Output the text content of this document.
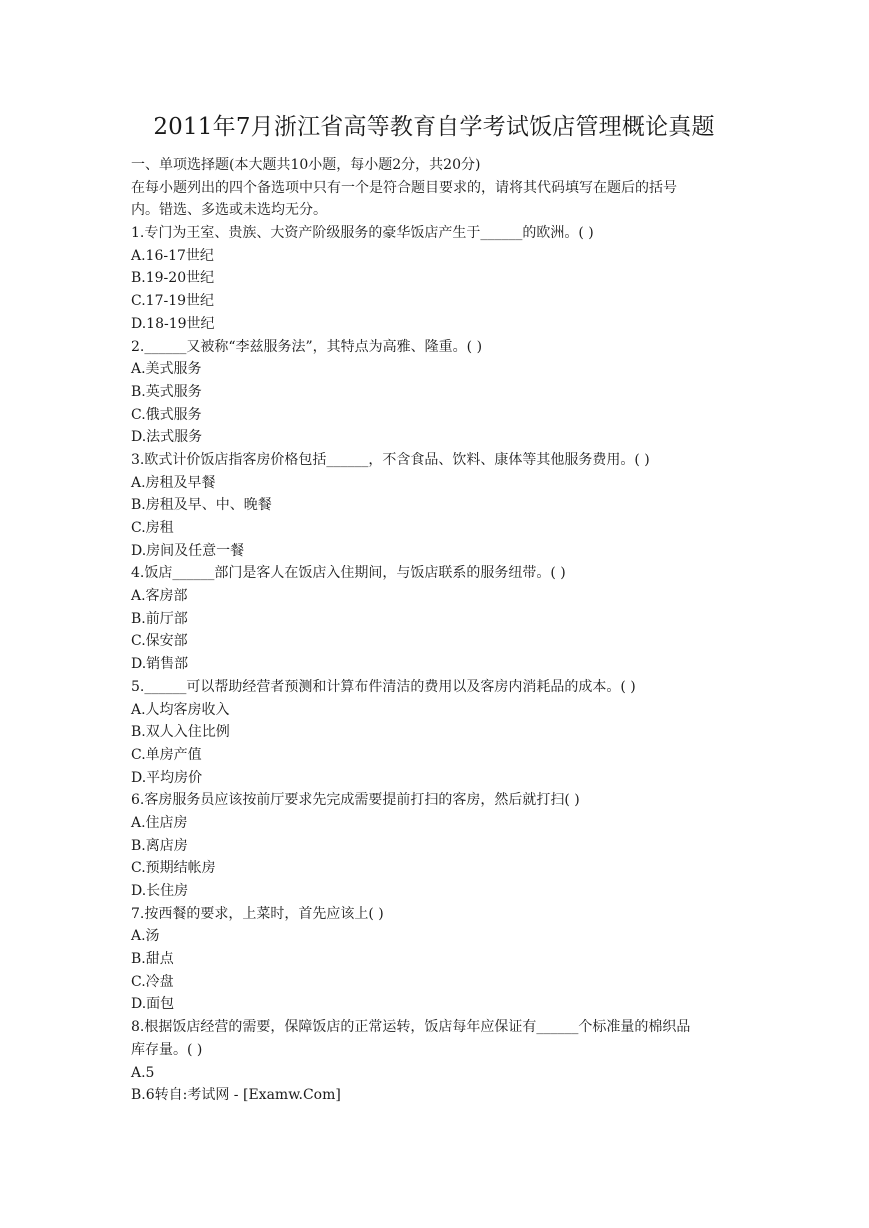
2011年7月浙江省高等教育自学考试饭店管理概论真题
一、单项选择题(本大题共10小题，每小题2分，共20分)
在每小题列出的四个备选项中只有一个是符合题目要求的，请将其代码填写在题后的括号
内。错选、多选或未选均无分。
1.专门为王室、贵族、大资产阶级服务的豪华饭店产生于______的欧洲。( )
A.16-17世纪
B.19-20世纪
C.17-19世纪
D.18-19世纪
2.______又被称“李兹服务法”，其特点为高雅、隆重。( )
A.美式服务
B.英式服务
C.俄式服务
D.法式服务
3.欧式计价饭店指客房价格包括______，不含食品、饮料、康体等其他服务费用。( )
A.房租及早餐
B.房租及早、中、晚餐
C.房租
D.房间及任意一餐
4.饭店______部门是客人在饭店入住期间，与饭店联系的服务纽带。( )
A.客房部
B.前厅部
C.保安部
D.销售部
5.______可以帮助经营者预测和计算布件清洁的费用以及客房内消耗品的成本。( )
A.人均客房收入
B.双人入住比例
C.单房产值
D.平均房价
6.客房服务员应该按前厅要求先完成需要提前打扫的客房，然后就打扫( )
A.住店房
B.离店房
C.预期结帐房
D.长住房
7.按西餐的要求，上菜时，首先应该上( )
A.汤
B.甜点
C.冷盘
D.面包
8.根据饭店经营的需要，保障饭店的正常运转，饭店每年应保证有______个标准量的棉织品
库存量。( )
A.5
B.6转自:考试网 - [Examw.Com]
